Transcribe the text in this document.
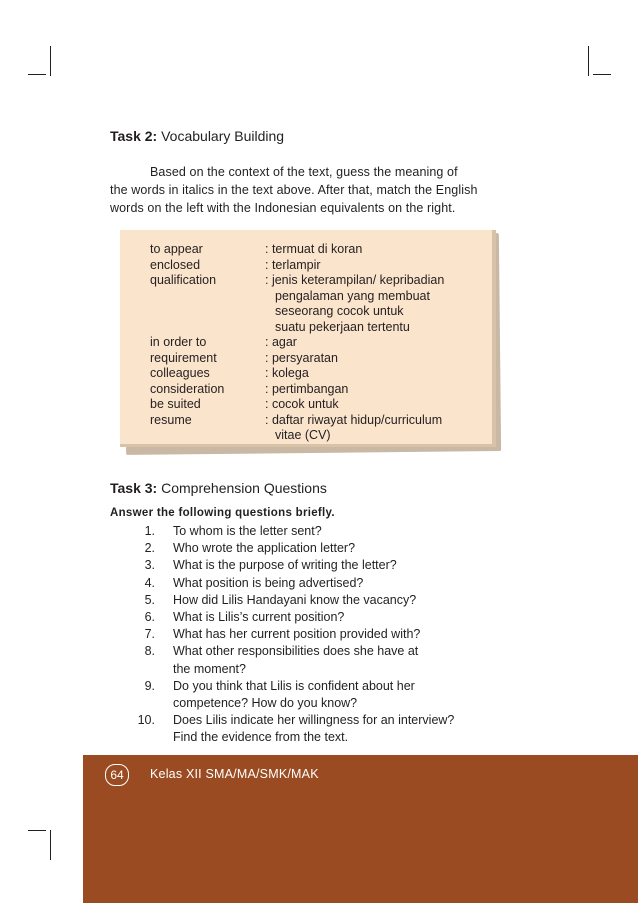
Task 2: Vocabulary Building
Based on the context of the text, guess the meaning of
the words in italics in the text above. After that, match the English
words on the left with the Indonesian equivalents on the right.
to appear	: termuat di koran
enclosed	: terlampir
qualification	: jenis keterampilan/ kepribadian
pengalaman yang membuat
seseorang cocok untuk
suatu pekerjaan tertentu
in order to	: agar
requirement	: persyaratan
colleagues	: kolega
consideration	: pertimbangan
be suited	: cocok untuk
resume	: daftar riwayat hidup/curriculum
vitae (CV)
Task 3: Comprehension Questions
Answer the following questions briefly.
1. To whom is the letter sent?
2. Who wrote the application letter?
3. What is the purpose of writing the letter?
4. What position is being advertised?
5. How did Lilis Handayani know the vacancy?
6. What is Lilis’s current position?
7. What has her current position provided with?
8. What other responsibilities does she have at
the moment?
9. Do you think that Lilis is confident about her
competence? How do you know?
10. Does Lilis indicate her willingness for an interview?
Find the evidence from the text.
64 Kelas XII SMA/MA/SMK/MAK
